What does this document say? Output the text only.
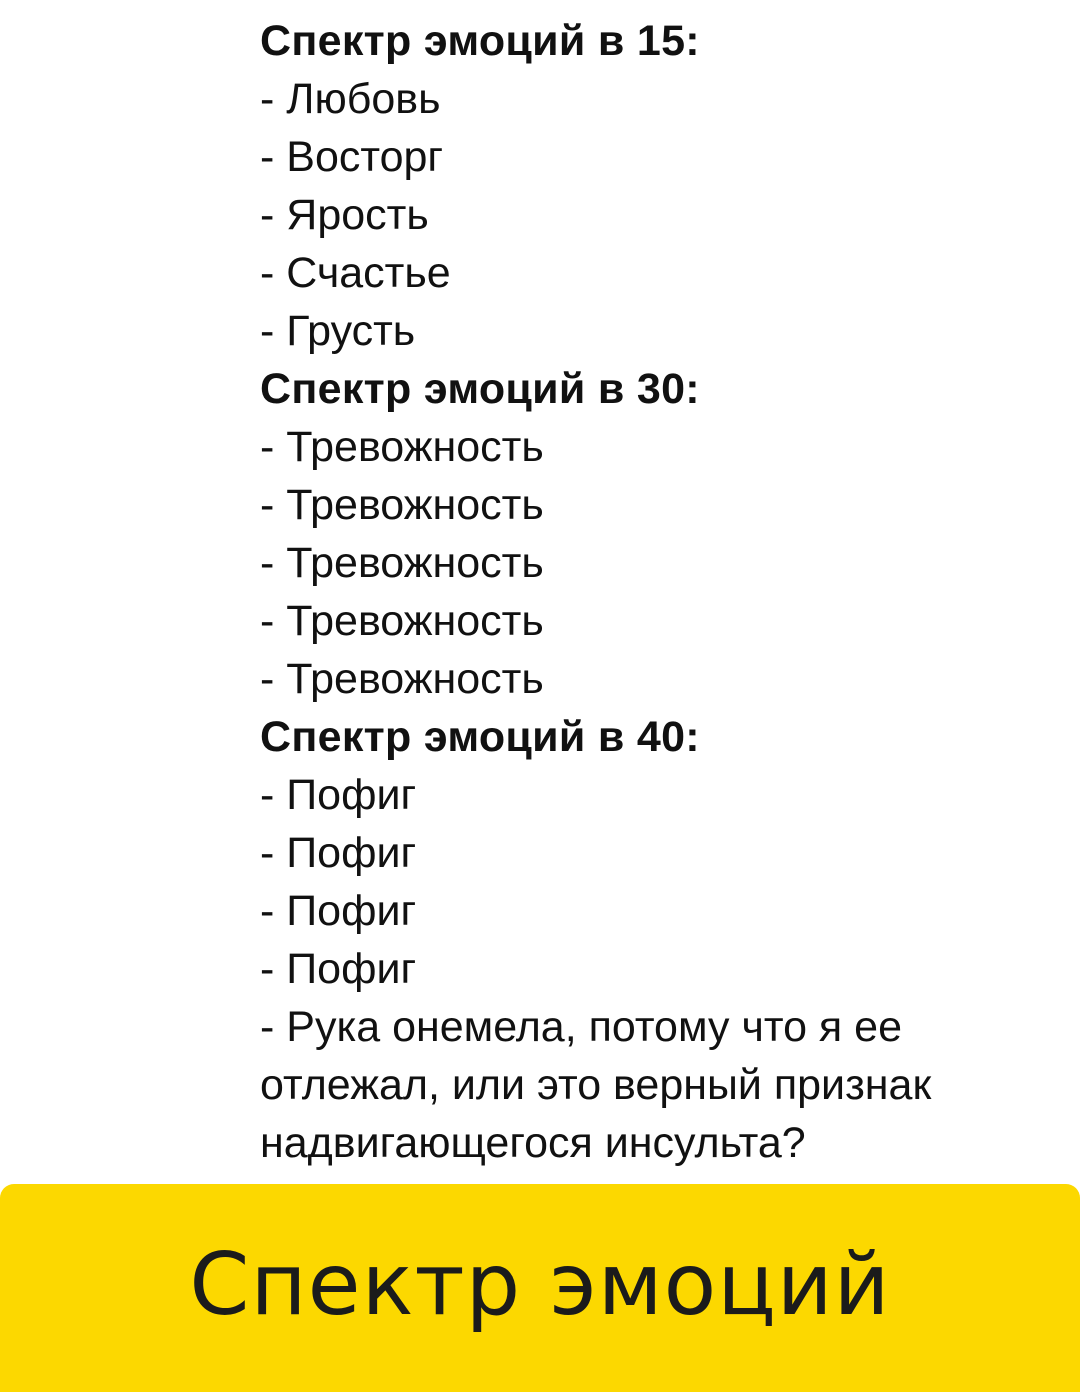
Спектр эмоций в 15:
- Любовь
- Восторг
- Ярость
- Счастье
- Грусть
Спектр эмоций в 30:
- Тревожность
- Тревожность
- Тревожность
- Тревожность
- Тревожность
Спектр эмоций в 40:
- Пофиг
- Пофиг
- Пофиг
- Пофиг
- Рука онемела, потому что я ее отлежал, или это верный признак надвигающегося инсульта?
Спектр эмоций
